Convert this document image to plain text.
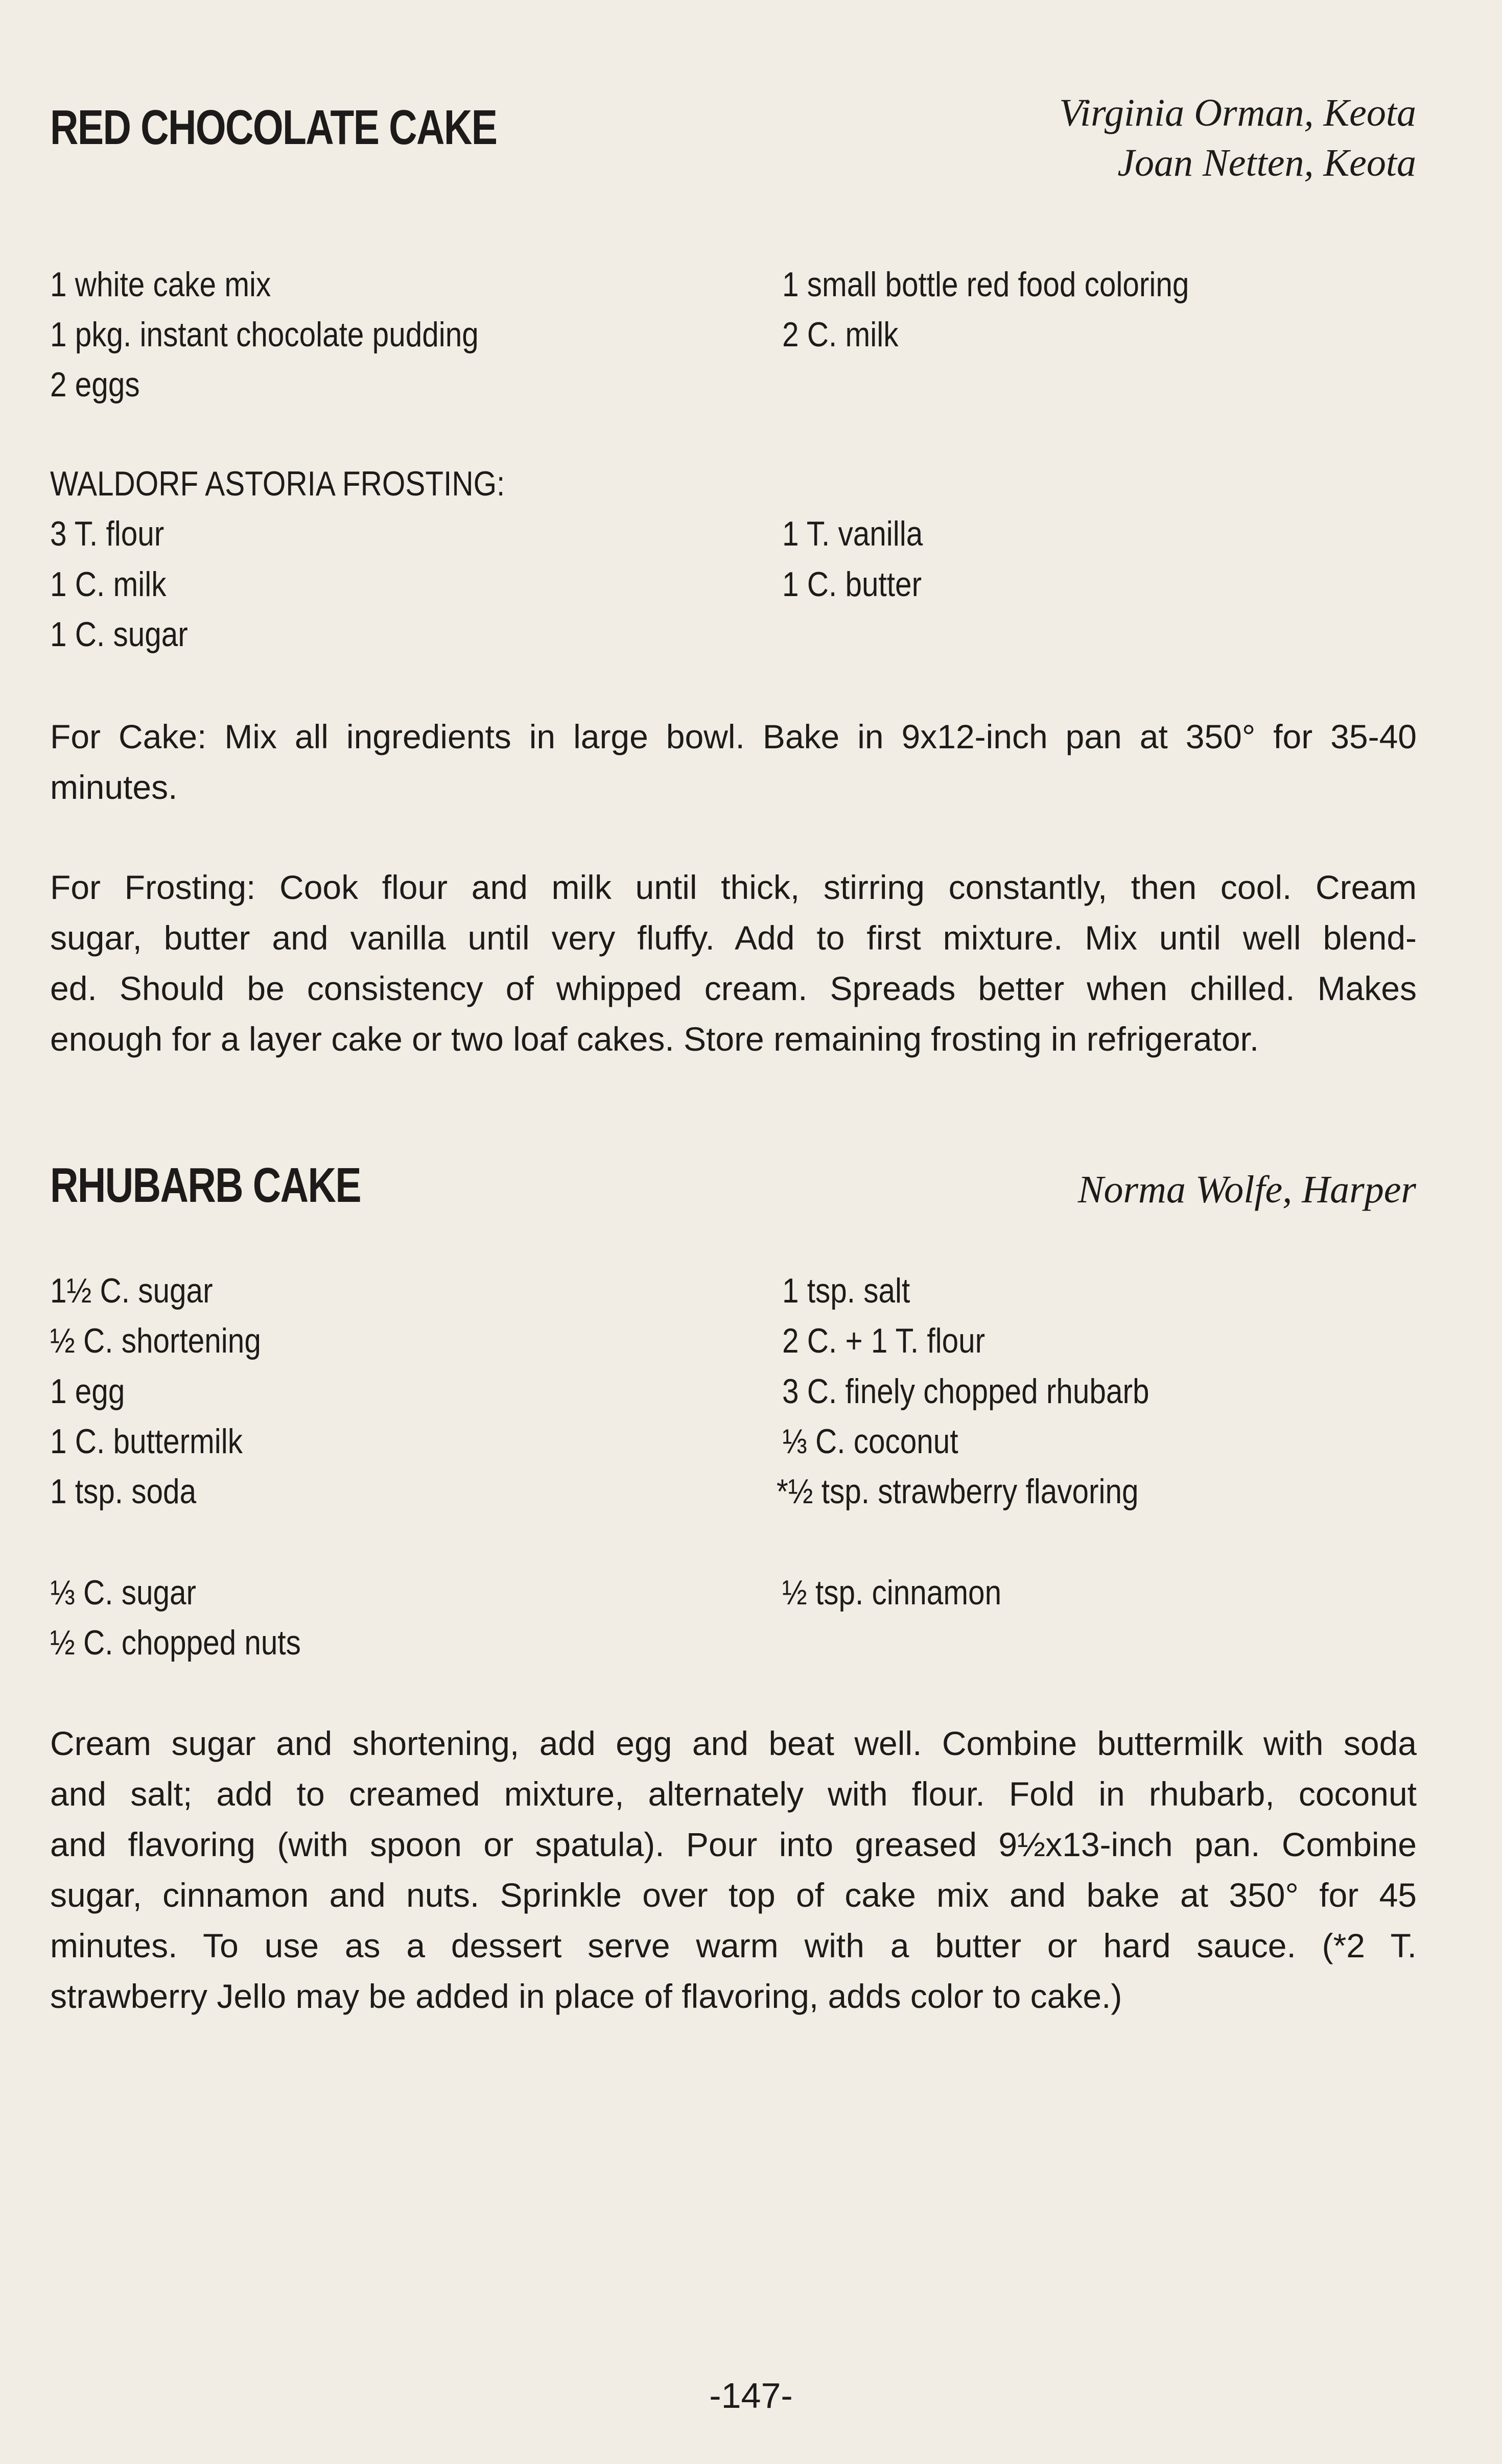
RED CHOCOLATE CAKE	Virginia Orman, Keota
Joan Netten, Keota
1 white cake mix
1 pkg. instant chocolate pudding
2 eggs
1 small bottle red food coloring
2 C. milk
WALDORF ASTORIA FROSTING:
3 T. flour
1 C. milk
1 C. sugar
1 T. vanilla
1 C. butter
For Cake: Mix all ingredients in large bowl. Bake in 9x12-inch pan at 350° for 35-40
minutes.
For Frosting: Cook flour and milk until thick, stirring constantly, then cool. Cream
sugar, butter and vanilla until very fluffy. Add to first mixture. Mix until well blend-
ed. Should be consistency of whipped cream. Spreads better when chilled. Makes
enough for a layer cake or two loaf cakes. Store remaining frosting in refrigerator.
RHUBARB CAKE	Norma Wolfe, Harper
1½ C. sugar
½ C. shortening
1 egg
1 C. buttermilk
1 tsp. soda
1 tsp. salt
2 C. + 1 T. flour
3 C. finely chopped rhubarb
⅓ C. coconut
*½ tsp. strawberry flavoring
⅓ C. sugar
½ C. chopped nuts
½ tsp. cinnamon
Cream sugar and shortening, add egg and beat well. Combine buttermilk with soda
and salt; add to creamed mixture, alternately with flour. Fold in rhubarb, coconut
and flavoring (with spoon or spatula). Pour into greased 9½x13-inch pan. Combine
sugar, cinnamon and nuts. Sprinkle over top of cake mix and bake at 350° for 45
minutes. To use as a dessert serve warm with a butter or hard sauce. (*2 T.
strawberry Jello may be added in place of flavoring, adds color to cake.)
-147-
